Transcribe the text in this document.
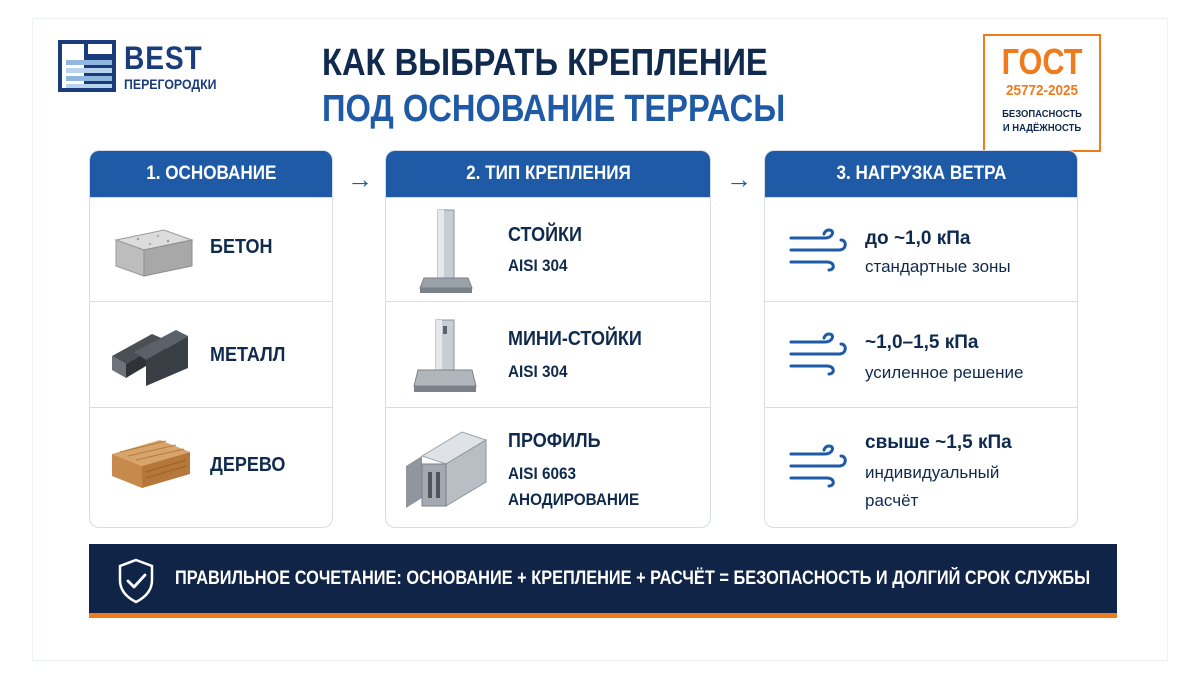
BEST
ПЕРЕГОРОДКИ	КАК ВЫБРАТЬ КРЕПЛЕНИЕ
ПОД ОСНОВАНИЕ ТЕРРАСЫ
ГОСТ
25772-2025
БЕЗОПАСНОСТЬ
И НАДЁЖНОСТЬ
→	→
1. ОСНОВАНИЕ
БЕТОН
МЕТАЛЛ
ДЕРЕВО
2. ТИП КРЕПЛЕНИЯ
СТОЙКИ
AISI 304
МИНИ-СТОЙКИ
AISI 304
ПРОФИЛЬ
AISI 6063
АНОДИРОВАНИЕ
3. НАГРУЗКА ВЕТРА
до ~1,0 кПа
стандартные зоны
~1,0–1,5 кПа
усиленное решение
свыше ~1,5 кПа
индивидуальный
расчёт
ПРАВИЛЬНОЕ СОЧЕТАНИЕ: ОСНОВАНИЕ + КРЕПЛЕНИЕ + РАСЧЁТ = БЕЗОПАСНОСТЬ И ДОЛГИЙ СРОК СЛУЖБЫ
